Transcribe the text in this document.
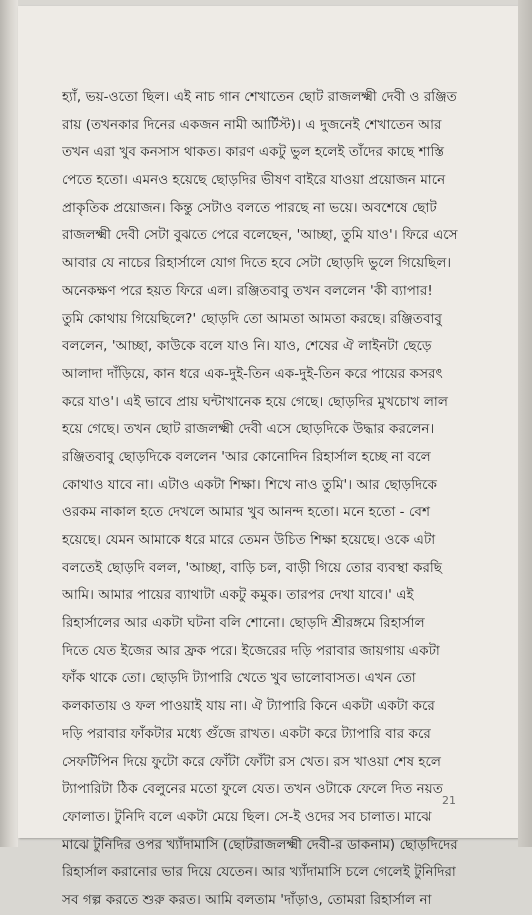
হ্যাঁ, ভয়-ওতো ছিল। এই নাচ গান শেখাতেন ছোট রাজলক্ষ্মী দেবী ও রঞ্জিত
রায় (তখনকার দিনের একজন নামী আর্টিস্ট)। এ দুজনেই শেখাতেন আর
তখন এরা খুব কনসাস থাকত। কারণ একটু ভুল হলেই তাঁদের কাছে শাস্তি
পেতে হতো। এমনও হয়েছে ছোড়দির ভীষণ বাইরে যাওয়া প্রয়োজন মানে
প্রাকৃতিক প্রয়োজন। কিন্তু সেটাও বলতে পারছে না ভয়ে। অবশেষে ছোট
রাজলক্ষ্মী দেবী সেটা বুঝতে পেরে বলেছেন, 'আচ্ছা, তুমি যাও'। ফিরে এসে
আবার যে নাচের রিহার্সালে যোগ দিতে হবে সেটা ছোড়দি ভুলে গিয়েছিল।
অনেকক্ষণ পরে হয়ত ফিরে এল। রঞ্জিতবাবু তখন বললেন 'কী ব্যাপার!
তুমি কোথায় গিয়েছিলে?' ছোড়দি তো আমতা আমতা করছে। রঞ্জিতবাবু
বললেন, 'আচ্ছা, কাউকে বলে যাও নি। যাও, শেষের ঐ লাইনটা ছেড়ে
আলাদা দাঁড়িয়ে, কান ধরে এক-দুই-তিন এক-দুই-তিন করে পায়ের কসরৎ
করে যাও'। এই ভাবে প্রায় ঘন্টাখানেক হয়ে গেছে। ছোড়দির মুখচোখ লাল
হয়ে গেছে। তখন ছোট রাজলক্ষ্মী দেবী এসে ছোড়দিকে উদ্ধার করলেন।
রঞ্জিতবাবু ছোড়দিকে বললেন 'আর কোনোদিন রিহার্সাল হচ্ছে না বলে
কোথাও যাবে না। এটাও একটা শিক্ষা। শিখে নাও তুমি'। আর ছোড়দিকে
ওরকম নাকাল হতে দেখলে আমার খুব আনন্দ হতো। মনে হতো - বেশ
হয়েছে। যেমন আমাকে ধরে মারে তেমন উচিত শিক্ষা হয়েছে। ওকে এটা
বলতেই ছোড়দি বলল, 'আচ্ছা, বাড়ি চল, বাড়ী গিয়ে তোর ব্যবস্থা করছি
আমি। আমার পায়ের ব্যাথাটা একটু কমুক। তারপর দেখা যাবে।' এই
রিহার্সালের আর একটা ঘটনা বলি শোনো। ছোড়দি শ্রীরঙ্গমে রিহার্সাল
দিতে যেত ইজের আর ফ্রক পরে। ইজেরের দড়ি পরাবার জায়গায় একটা
ফাঁক থাকে তো। ছোড়দি ট্যাপারি খেতে খুব ভালোবাসত। এখন তো
কলকাতায় ও ফল পাওয়াই যায় না। ঐ ট্যাপারি কিনে একটা একটা করে
দড়ি পরাবার ফাঁকটার মধ্যে গুঁজে রাখত। একটা করে ট্যাপারি বার করে
সেফটিপিন দিয়ে ফুটো করে ফোঁটা ফোঁটা রস খেত। রস খাওয়া শেষ হলে
ট্যাপারিটা ঠিক বেলুনের মতো ফুলে যেত। তখন ওটাকে ফেলে দিত নয়ত
ফোলাত। টুনিদি বলে একটা মেয়ে ছিল। সে-ই ওদের সব চালাত। মাঝে
মাঝে টুনিদির ওপর খ্যাঁদামাসি (ছোটরাজলক্ষ্মী দেবী-র ডাকনাম) ছোড়দিদের
রিহার্সাল করানোর ভার দিয়ে যেতেন। আর খ্যাঁদামাসি চলে গেলেই টুনিদিরা
সব গল্প করতে শুরু করত। আমি বলতাম 'দাঁড়াও, তোমরা রিহার্সাল না
21
